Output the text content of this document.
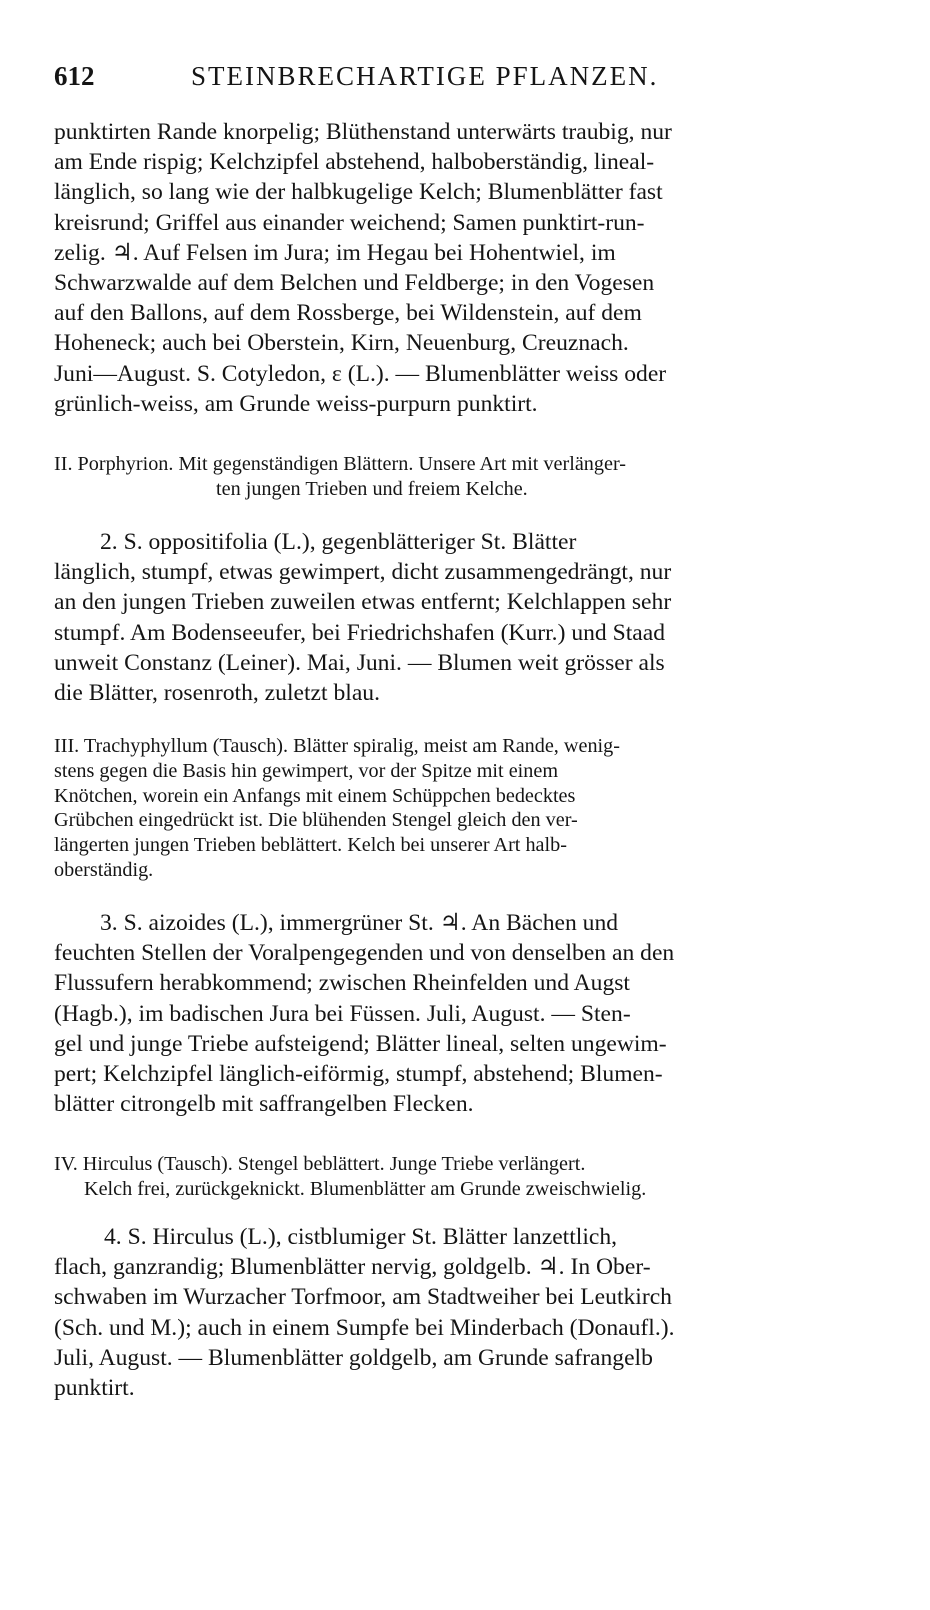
612	STEINBRECHARTIGE PFLANZEN.
punktirten Rande knorpelig; Blüthenstand unterwärts traubig, nur
am Ende rispig; Kelchzipfel abstehend, halboberständig, lineal-
länglich, so lang wie der halbkugelige Kelch; Blumenblätter fast
kreisrund; Griffel aus einander weichend; Samen punktirt-run-
zelig. ♃. Auf Felsen im Jura; im Hegau bei Hohentwiel, im
Schwarzwalde auf dem Belchen und Feldberge; in den Vogesen
auf den Ballons, auf dem Rossberge, bei Wildenstein, auf dem
Hoheneck; auch bei Oberstein, Kirn, Neuenburg, Creuznach.
Juni—August. S. Cotyledon, ε (L.). — Blumenblätter weiss oder
grünlich-weiss, am Grunde weiss-purpurn punktirt.
II. Porphyrion. Mit gegenständigen Blättern. Unsere Art mit verlänger-
ten jungen Trieben und freiem Kelche.
2. S. oppositifolia (L.), gegenblätteriger St. Blätter
länglich, stumpf, etwas gewimpert, dicht zusammengedrängt, nur
an den jungen Trieben zuweilen etwas entfernt; Kelchlappen sehr
stumpf. Am Bodenseeufer, bei Friedrichshafen (Kurr.) und Staad
unweit Constanz (Leiner). Mai, Juni. — Blumen weit grösser als
die Blätter, rosenroth, zuletzt blau.
III. Trachyphyllum (Tausch). Blätter spiralig, meist am Rande, wenig-
stens gegen die Basis hin gewimpert, vor der Spitze mit einem
Knötchen, worein ein Anfangs mit einem Schüppchen bedecktes
Grübchen eingedrückt ist. Die blühenden Stengel gleich den ver-
längerten jungen Trieben beblättert. Kelch bei unserer Art halb-
oberständig.
3. S. aizoides (L.), immergrüner St. ♃. An Bächen und
feuchten Stellen der Voralpengegenden und von denselben an den
Flussufern herabkommend; zwischen Rheinfelden und Augst
(Hagb.), im badischen Jura bei Füssen. Juli, August. — Sten-
gel und junge Triebe aufsteigend; Blätter lineal, selten ungewim-
pert; Kelchzipfel länglich-eiförmig, stumpf, abstehend; Blumen-
blätter citrongelb mit saffrangelben Flecken.
IV. Hirculus (Tausch). Stengel beblättert. Junge Triebe verlängert.
Kelch frei, zurückgeknickt. Blumenblätter am Grunde zweischwielig.
4. S. Hirculus (L.), cistblumiger St. Blätter lanzettlich,
flach, ganzrandig; Blumenblätter nervig, goldgelb. ♃. In Ober-
schwaben im Wurzacher Torfmoor, am Stadtweiher bei Leutkirch
(Sch. und M.); auch in einem Sumpfe bei Minderbach (Donaufl.).
Juli, August. — Blumenblätter goldgelb, am Grunde safrangelb
punktirt.
